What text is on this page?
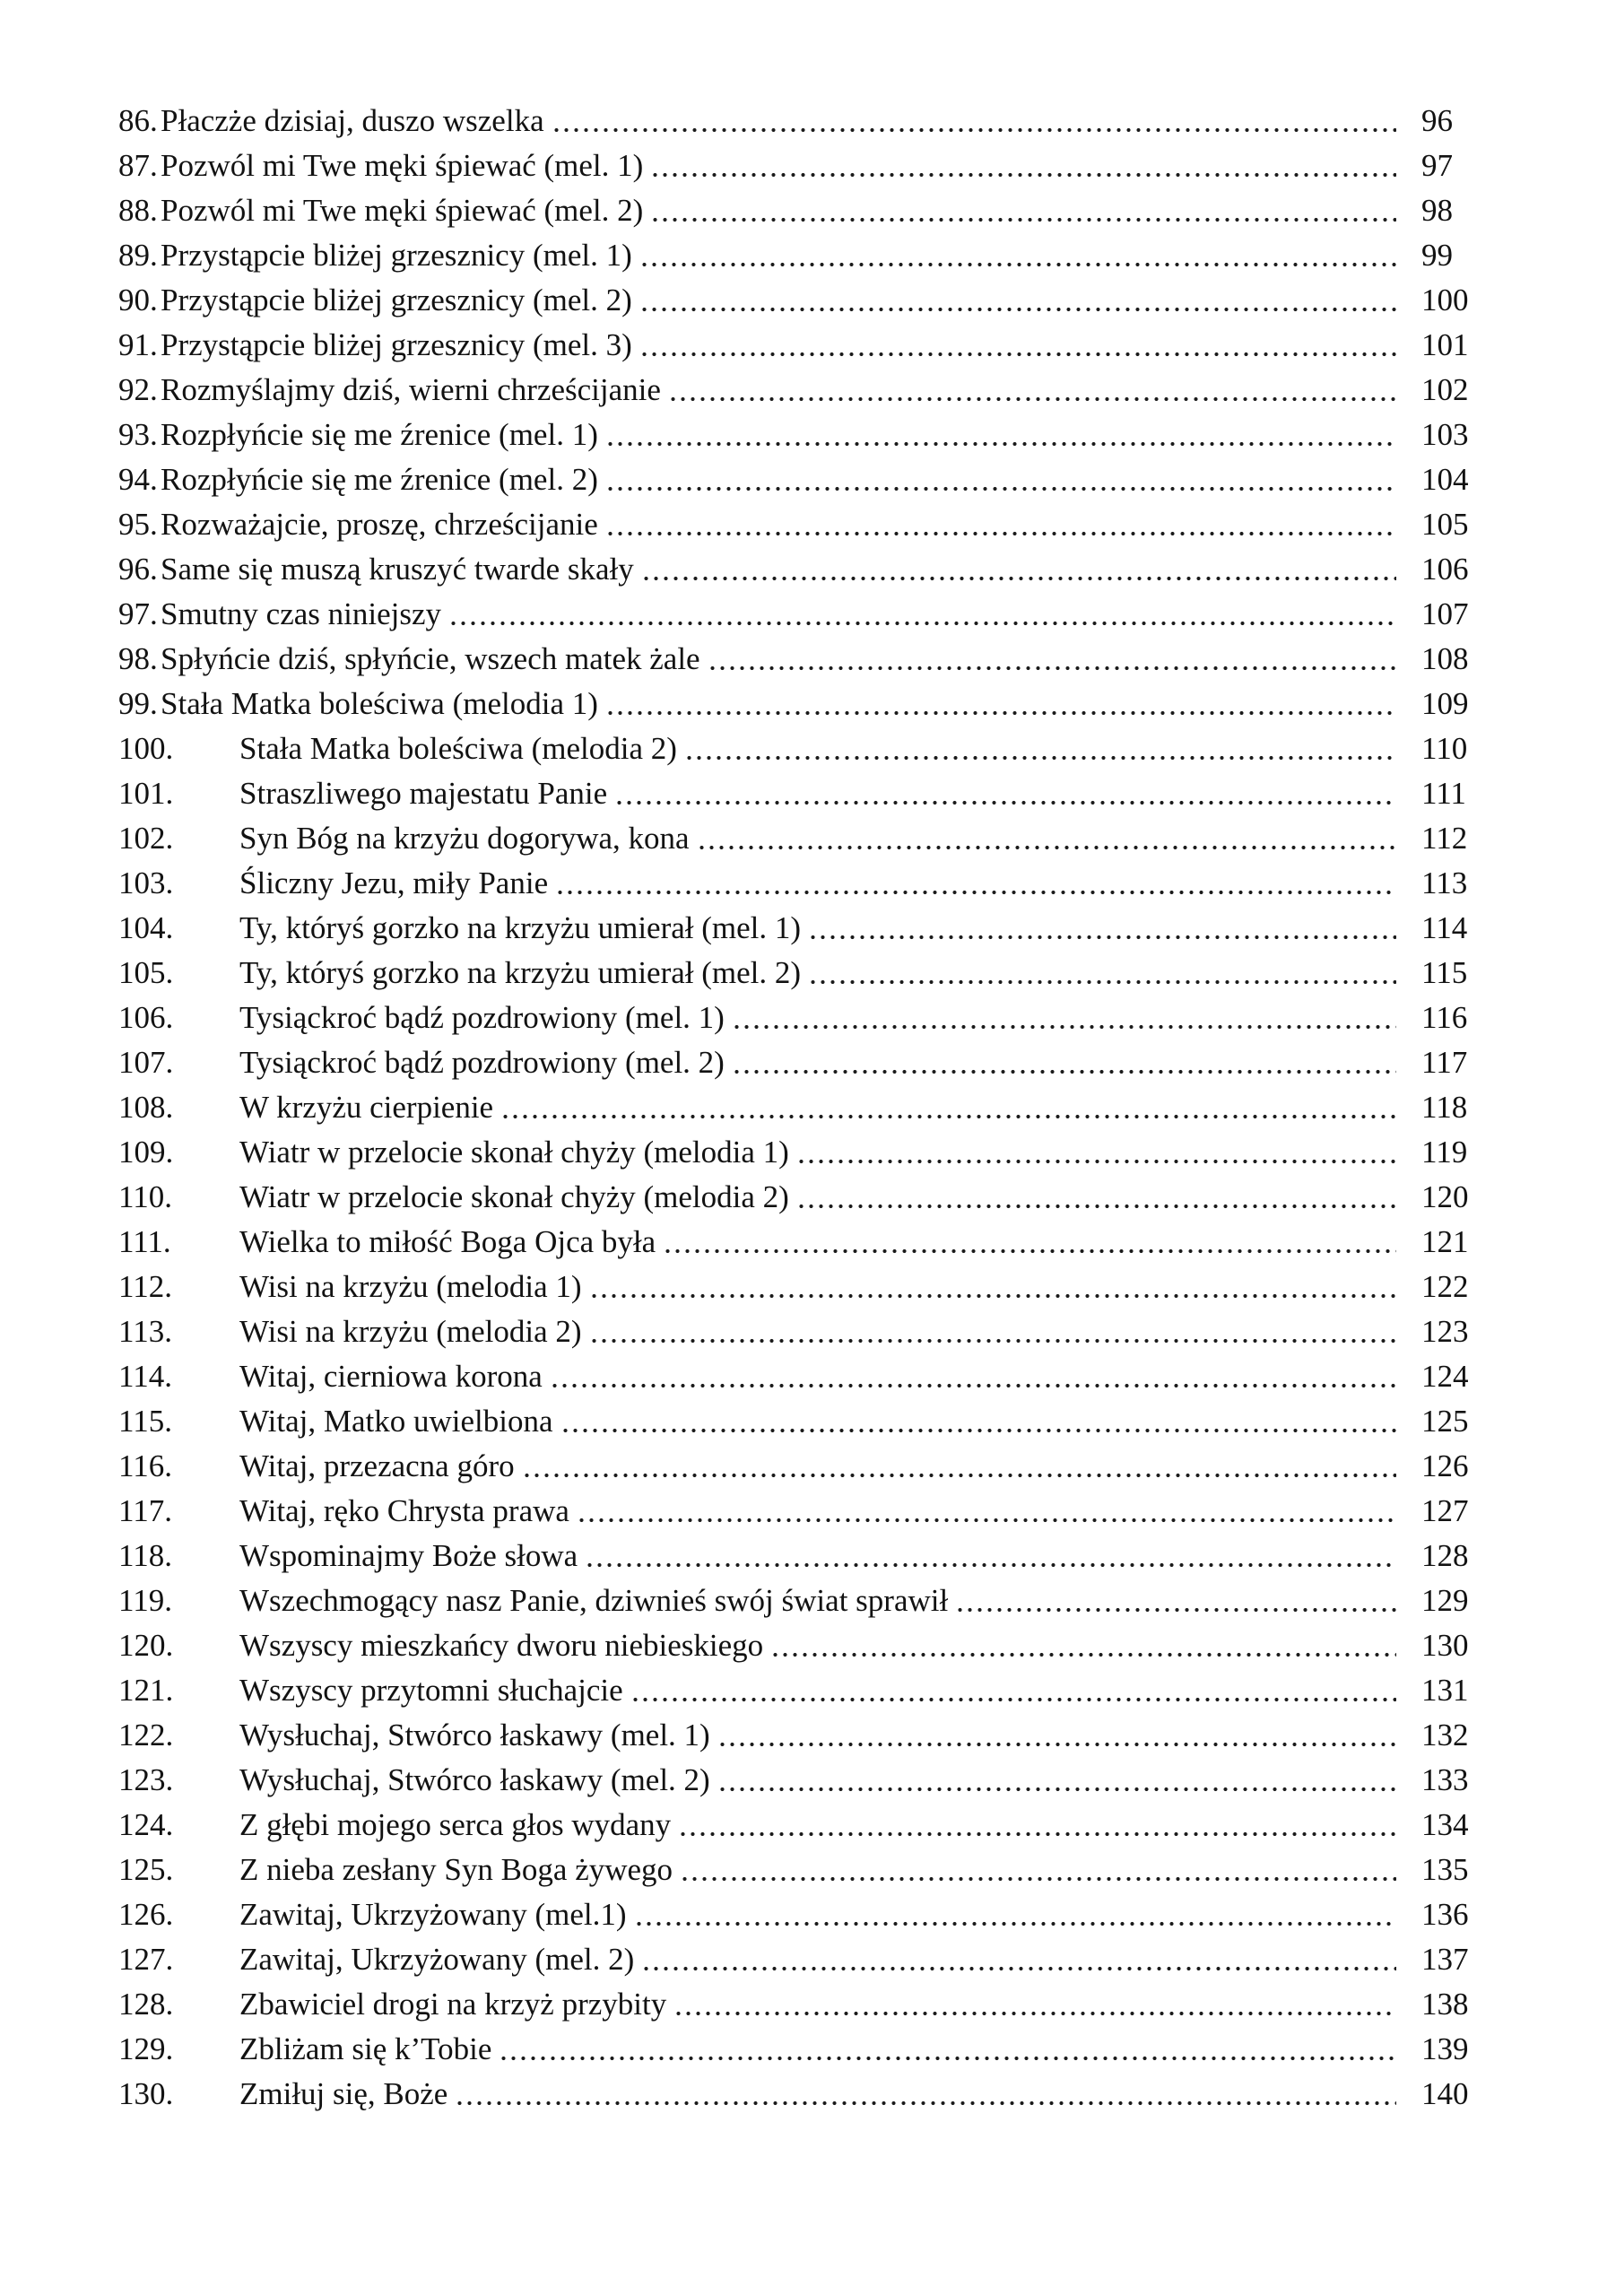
86. Płaczże dzisiaj, duszo wszelka	96
87. Pozwól mi Twe męki śpiewać (mel. 1)	97
88. Pozwól mi Twe męki śpiewać (mel. 2)	98
89. Przystąpcie bliżej grzesznicy (mel. 1)	99
90. Przystąpcie bliżej grzesznicy (mel. 2)	100
91. Przystąpcie bliżej grzesznicy (mel. 3)	101
92. Rozmyślajmy dziś, wierni chrześcijanie	102
93. Rozpłyńcie się me źrenice (mel. 1)	103
94. Rozpłyńcie się me źrenice (mel. 2)	104
95. Rozważajcie, proszę, chrześcijanie	105
96. Same się muszą kruszyć twarde skały	106
97. Smutny czas niniejszy	107
98. Spłyńcie dziś, spłyńcie, wszech matek żale	108
99. Stała Matka boleściwa (melodia 1)	109
100.	Stała Matka boleściwa (melodia 2)	110
101.	Straszliwego majestatu Panie	111
102.	Syn Bóg na krzyżu dogorywa, kona	112
103.	Śliczny Jezu, miły Panie	113
104.	Ty, któryś gorzko na krzyżu umierał (mel. 1)	114
105.	Ty, któryś gorzko na krzyżu umierał (mel. 2)	115
106.	Tysiąckroć bądź pozdrowiony (mel. 1)	116
107.	Tysiąckroć bądź pozdrowiony (mel. 2)	117
108.	W krzyżu cierpienie	118
109.	Wiatr w przelocie skonał chyży (melodia 1)	119
110.	Wiatr w przelocie skonał chyży (melodia 2)	120
111.	Wielka to miłość Boga Ojca była	121
112.	Wisi na krzyżu (melodia 1)	122
113.	Wisi na krzyżu (melodia 2)	123
114.	Witaj, cierniowa korona	124
115.	Witaj, Matko uwielbiona	125
116.	Witaj, przezacna góro	126
117.	Witaj, ręko Chrysta prawa	127
118.	Wspominajmy Boże słowa	128
119.	Wszechmogący nasz Panie, dziwnieś swój świat sprawił	129
120.	Wszyscy mieszkańcy dworu niebieskiego	130
121.	Wszyscy przytomni słuchajcie	131
122.	Wysłuchaj, Stwórco łaskawy (mel. 1)	132
123.	Wysłuchaj, Stwórco łaskawy (mel. 2)	133
124.	Z głębi mojego serca głos wydany	134
125.	Z nieba zesłany Syn Boga żywego	135
126.	Zawitaj, Ukrzyżowany (mel.1)	136
127.	Zawitaj, Ukrzyżowany (mel. 2)	137
128.	Zbawiciel drogi na krzyż przybity	138
129.	Zbliżam się k’Tobie	139
130.	Zmiłuj się, Boże	140
